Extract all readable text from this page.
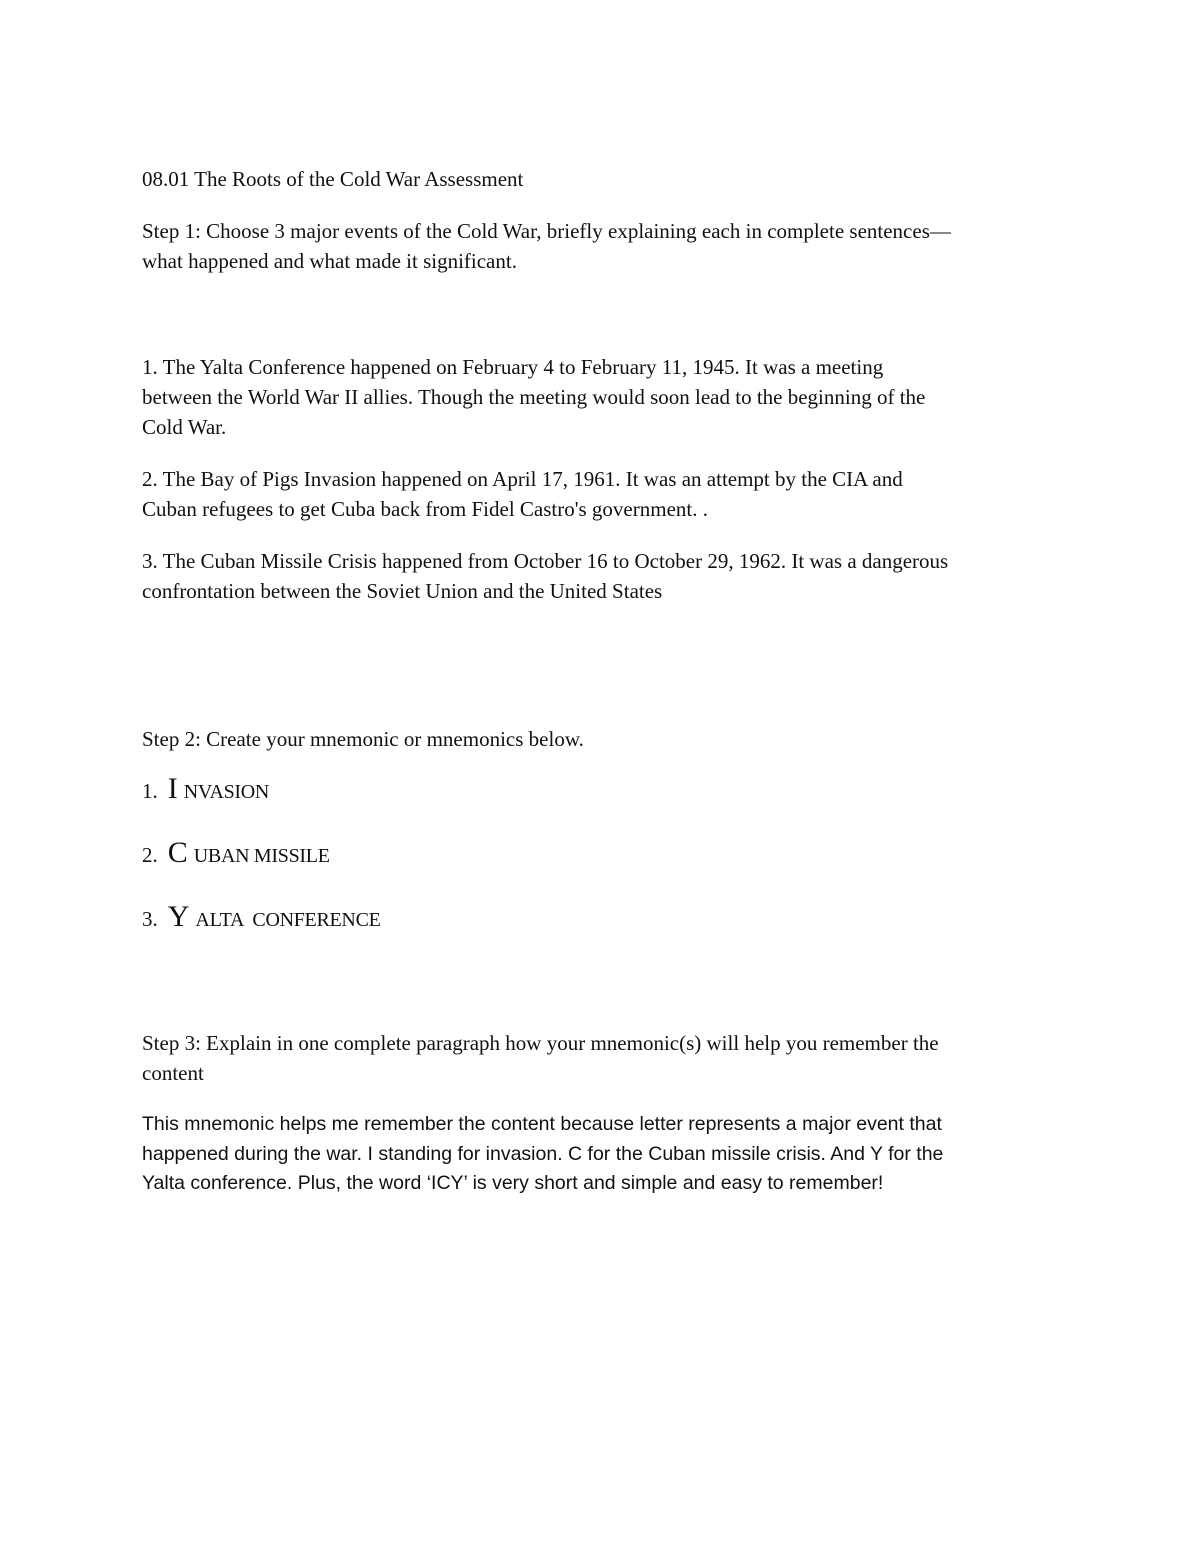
08.01 The Roots of the Cold War Assessment
Step 1: Choose 3 major events of the Cold War, briefly explaining each in complete sentences—
what happened and what made it significant.
1. The Yalta Conference happened on February 4 to February 11, 1945. It was a meeting
between the World War II allies. Though the meeting would soon lead to the beginning of the
Cold War.
2. The Bay of Pigs Invasion happened on April 17, 1961. It was an attempt by the CIA and
Cuban refugees to get Cuba back from Fidel Castro's government. .
3. The Cuban Missile Crisis happened from October 16 to October 29, 1962. It was a dangerous
confrontation between the Soviet Union and the United States
Step 2: Create your mnemonic or mnemonics below.
1. I NVASION
2. C UBAN MISSILE
3. Y ALTA  CONFERENCE
Step 3: Explain in one complete paragraph how your mnemonic(s) will help you remember the
content
This mnemonic helps me remember the content because letter represents a major event that
happened during the war. I standing for invasion. C for the Cuban missile crisis. And Y for the
Yalta conference. Plus, the word ‘ICY’ is very short and simple and easy to remember!
